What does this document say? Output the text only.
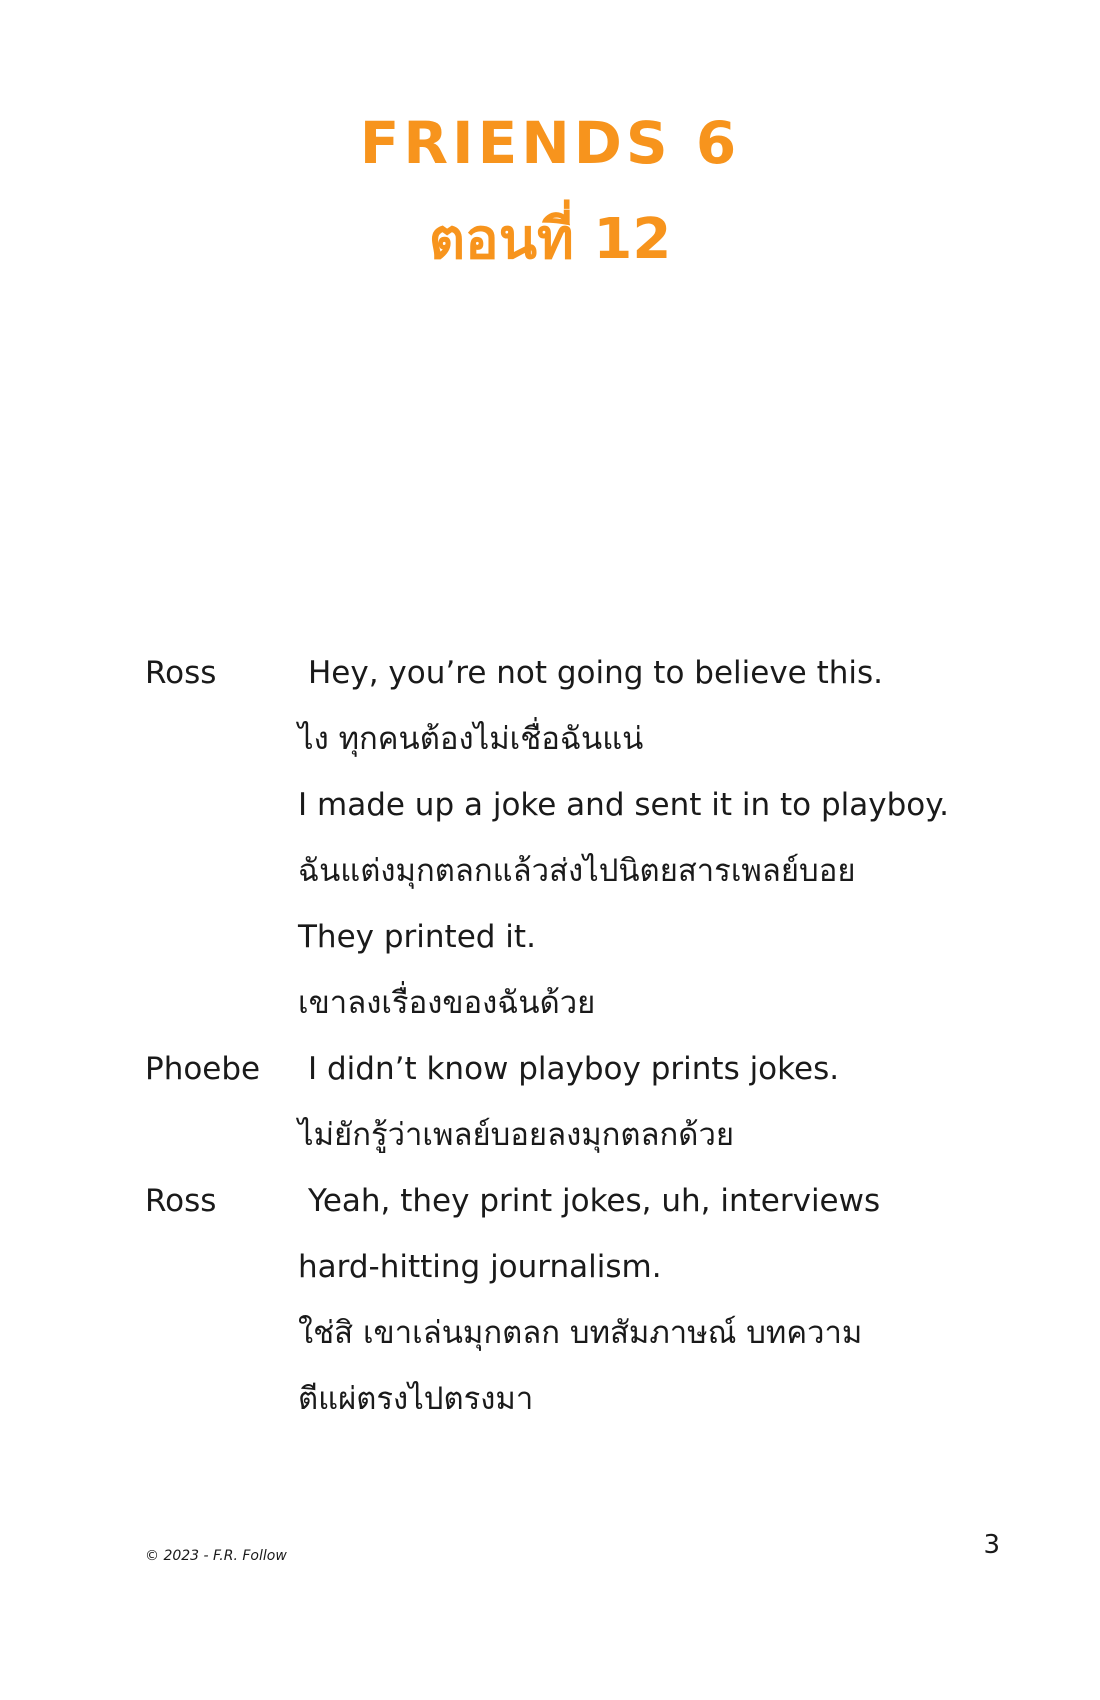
FRIENDS 6
ตอนที่ 12
Ross	Hey, you’re not going to believe this.
ไง ทุกคนต้องไม่เชื่อฉันแน่
I made up a joke and sent it in to playboy.
ฉันแต่งมุกตลกแล้วส่งไปนิตยสารเพลย์บอย
They printed it.
เขาลงเรื่องของฉันด้วย
Phoebe I didn’t know playboy prints jokes.
ไม่ยักรู้ว่าเพลย์บอยลงมุกตลกด้วย
Ross	Yeah, they print jokes, uh, interviews
hard-hitting journalism.
ใช่สิ เขาเล่นมุกตลก บทสัมภาษณ์ บทความ
ตีแผ่ตรงไปตรงมา
© 2023 - F.R. Follow	3
